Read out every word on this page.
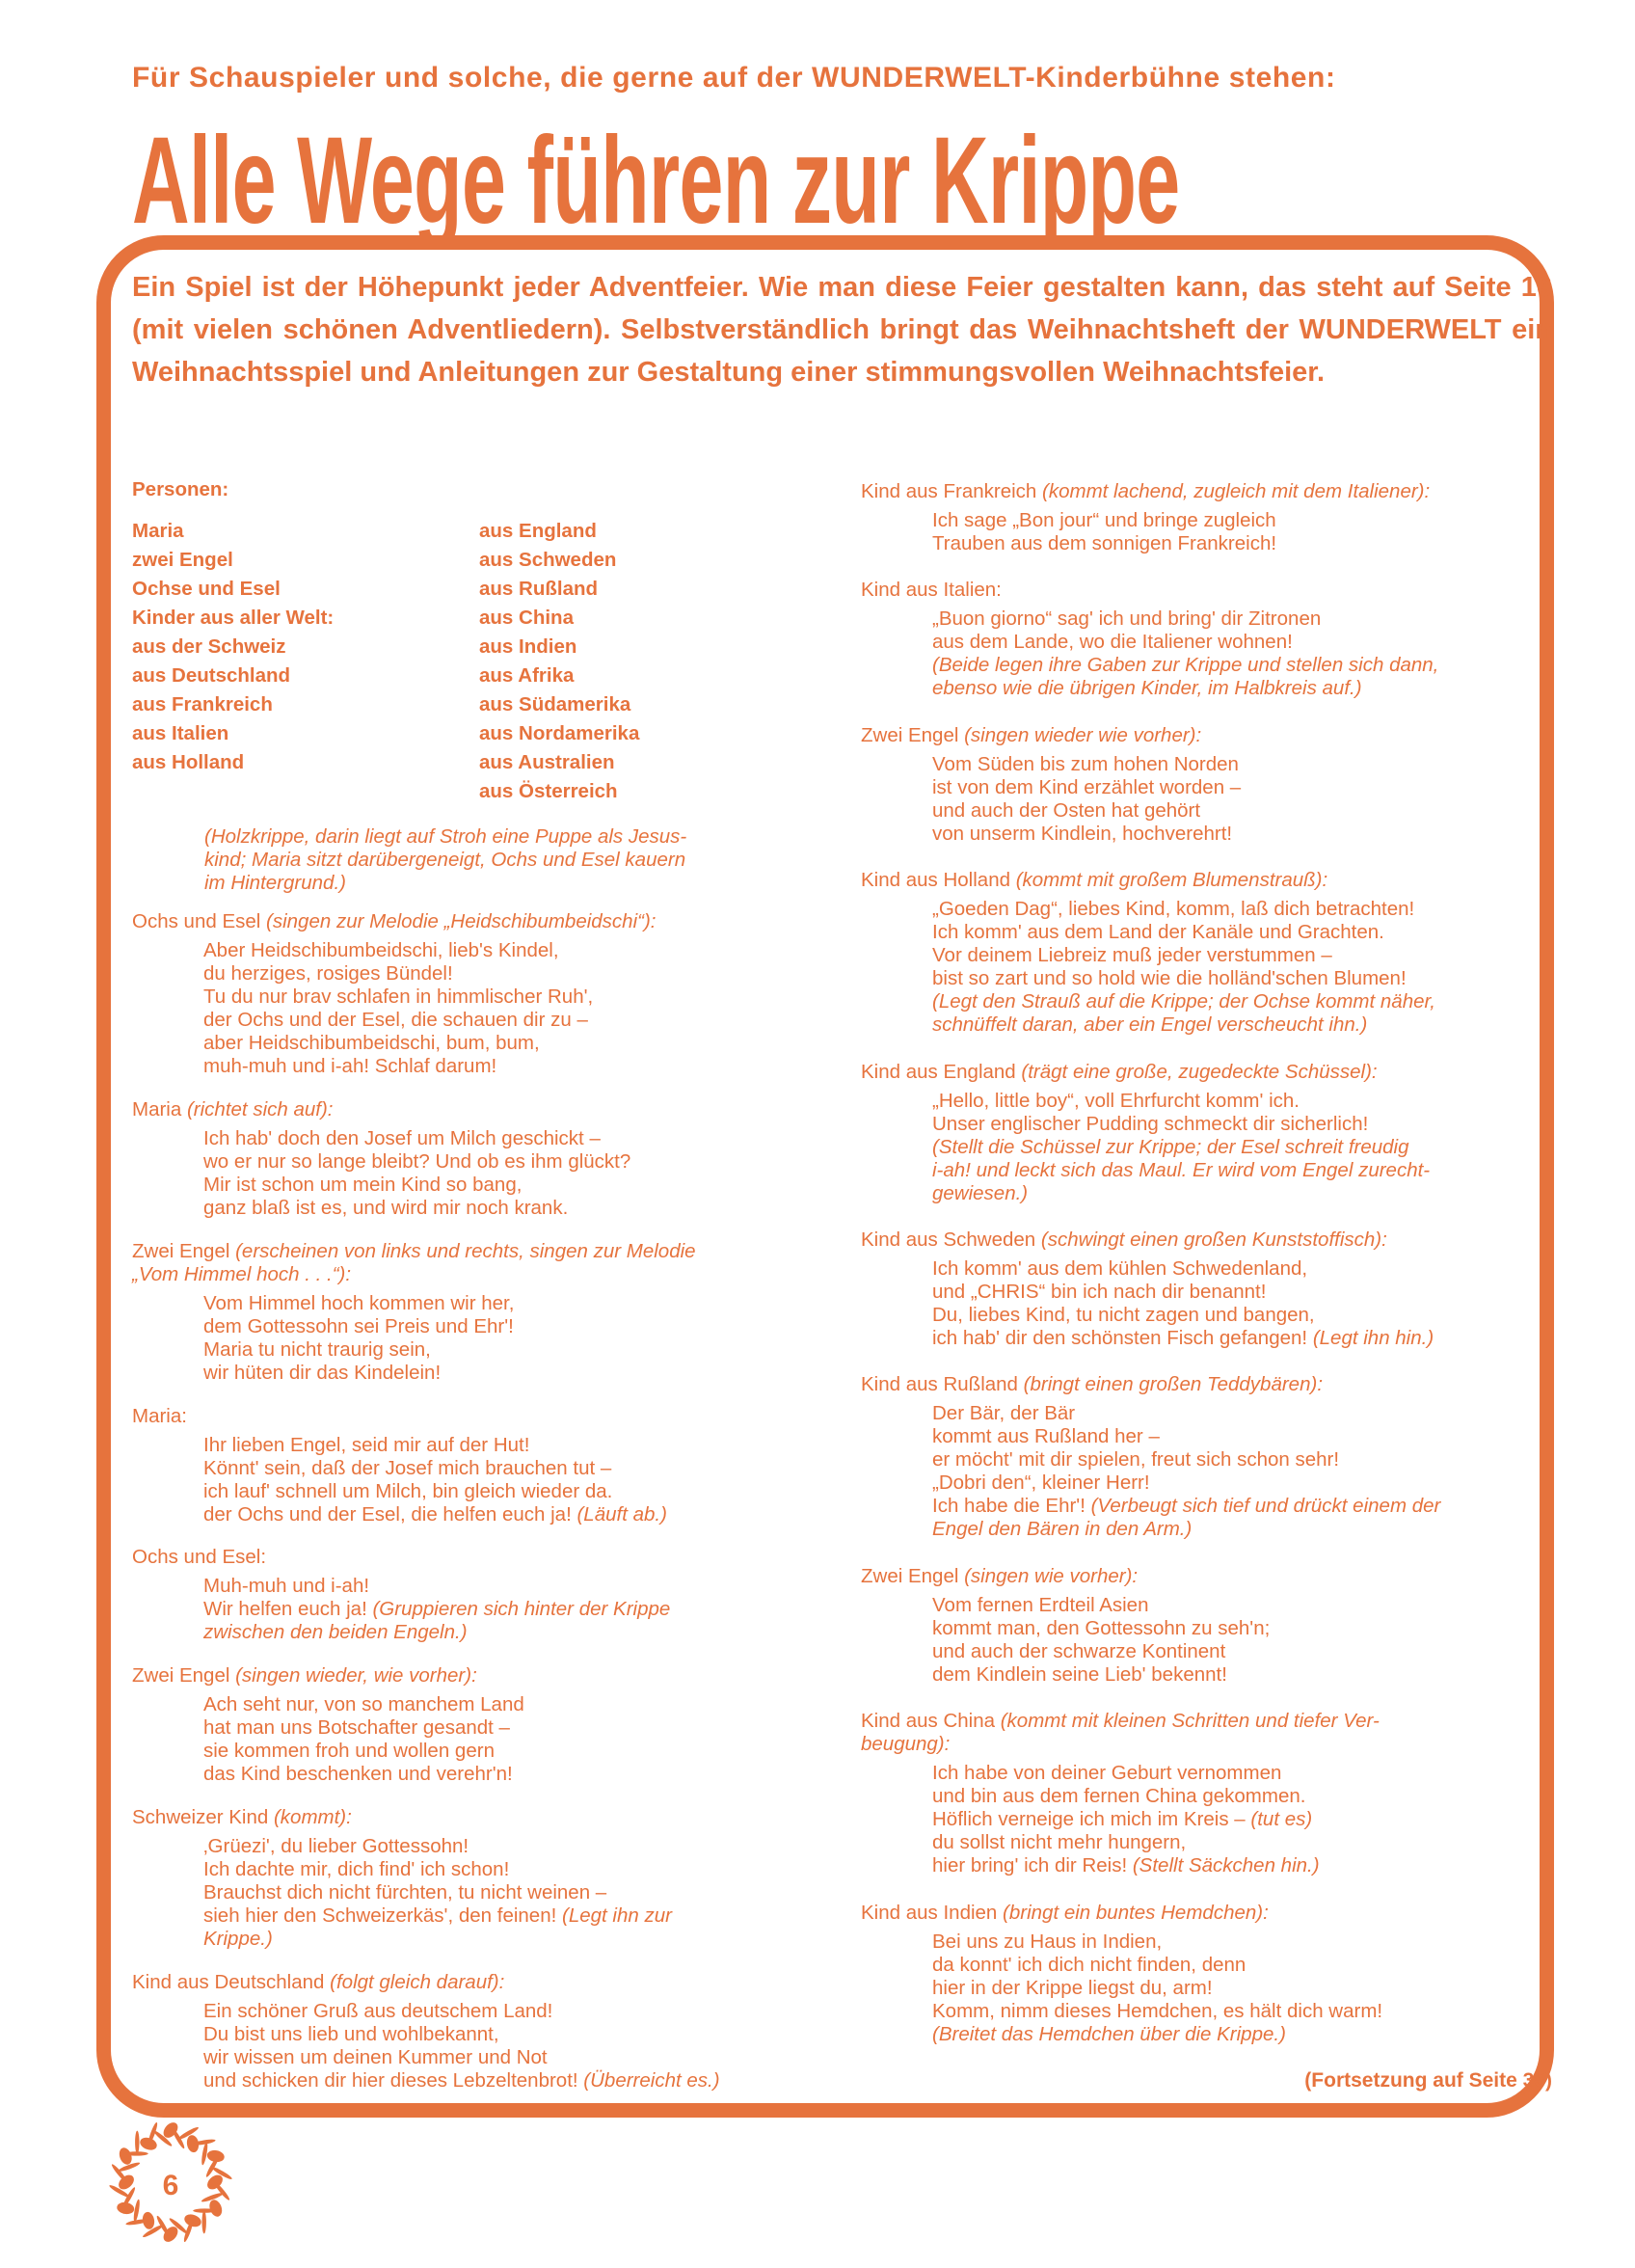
Für Schauspieler und solche, die gerne auf der WUNDERWELT-Kinderbühne stehen:
Alle Wege führen zur Krippe
Ein Spiel ist der Höhepunkt jeder Adventfeier. Wie man diese Feier gestalten kann, das steht auf Seite 16 (mit vielen schönen Adventliedern). Selbstverständlich bringt das Weihnachtsheft der WUNDERWELT ein Weihnachtsspiel und Anleitungen zur Gestaltung einer stimmungsvollen Weihnachtsfeier.
Personen:
Maria
zwei Engel
Ochse und Esel
Kinder aus aller Welt:
aus der Schweiz
aus Deutschland
aus Frankreich
aus Italien
aus Holland
aus England
aus Schweden
aus Rußland
aus China
aus Indien
aus Afrika
aus Südamerika
aus Nordamerika
aus Australien
aus Österreich
(Holzkrippe, darin liegt auf Stroh eine Puppe als Jesus-
kind; Maria sitzt darübergeneigt, Ochs und Esel kauern
im Hintergrund.)
Ochs und Esel (singen zur Melodie „Heidschibumbeidschi“):
Aber Heidschibumbeidschi, lieb's Kindel,
du herziges, rosiges Bündel!
Tu du nur brav schlafen in himmlischer Ruh',
der Ochs und der Esel, die schauen dir zu –
aber Heidschibumbeidschi, bum, bum,
muh-muh und i-ah! Schlaf darum!
Maria (richtet sich auf):
Ich hab' doch den Josef um Milch geschickt –
wo er nur so lange bleibt? Und ob es ihm glückt?
Mir ist schon um mein Kind so bang,
ganz blaß ist es, und wird mir noch krank.
Zwei Engel (erscheinen von links und rechts, singen zur Melodie
„Vom Himmel hoch . . .“):
Vom Himmel hoch kommen wir her,
dem Gottessohn sei Preis und Ehr'!
Maria tu nicht traurig sein,
wir hüten dir das Kindelein!
Maria:
Ihr lieben Engel, seid mir auf der Hut!
Könnt' sein, daß der Josef mich brauchen tut –
ich lauf' schnell um Milch, bin gleich wieder da.
der Ochs und der Esel, die helfen euch ja! (Läuft ab.)
Ochs und Esel:
Muh-muh und i-ah!
Wir helfen euch ja! (Gruppieren sich hinter der Krippe
zwischen den beiden Engeln.)
Zwei Engel (singen wieder, wie vorher):
Ach seht nur, von so manchem Land
hat man uns Botschafter gesandt –
sie kommen froh und wollen gern
das Kind beschenken und verehr'n!
Schweizer Kind (kommt):
‚Grüezi', du lieber Gottessohn!
Ich dachte mir, dich find' ich schon!
Brauchst dich nicht fürchten, tu nicht weinen –
sieh hier den Schweizerkäs', den feinen! (Legt ihn zur
Krippe.)
Kind aus Deutschland (folgt gleich darauf):
Ein schöner Gruß aus deutschem Land!
Du bist uns lieb und wohlbekannt,
wir wissen um deinen Kummer und Not
und schicken dir hier dieses Lebzeltenbrot! (Überreicht es.)
Kind aus Frankreich (kommt lachend, zugleich mit dem Italiener):
Ich sage „Bon jour“ und bringe zugleich
Trauben aus dem sonnigen Frankreich!
Kind aus Italien:
„Buon giorno“ sag' ich und bring' dir Zitronen
aus dem Lande, wo die Italiener wohnen!
(Beide legen ihre Gaben zur Krippe und stellen sich dann,
ebenso wie die übrigen Kinder, im Halbkreis auf.)
Zwei Engel (singen wieder wie vorher):
Vom Süden bis zum hohen Norden
ist von dem Kind erzählet worden –
und auch der Osten hat gehört
von unserm Kindlein, hochverehrt!
Kind aus Holland (kommt mit großem Blumenstrauß):
„Goeden Dag“, liebes Kind, komm, laß dich betrachten!
Ich komm' aus dem Land der Kanäle und Grachten.
Vor deinem Liebreiz muß jeder verstummen –
bist so zart und so hold wie die holländ'schen Blumen!
(Legt den Strauß auf die Krippe; der Ochse kommt näher,
schnüffelt daran, aber ein Engel verscheucht ihn.)
Kind aus England (trägt eine große, zugedeckte Schüssel):
„Hello, little boy“, voll Ehrfurcht komm' ich.
Unser englischer Pudding schmeckt dir sicherlich!
(Stellt die Schüssel zur Krippe; der Esel schreit freudig
i-ah! und leckt sich das Maul. Er wird vom Engel zurecht-
gewiesen.)
Kind aus Schweden (schwingt einen großen Kunststoffisch):
Ich komm' aus dem kühlen Schwedenland,
und „CHRIS“ bin ich nach dir benannt!
Du, liebes Kind, tu nicht zagen und bangen,
ich hab' dir den schönsten Fisch gefangen! (Legt ihn hin.)
Kind aus Rußland (bringt einen großen Teddybären):
Der Bär, der Bär
kommt aus Rußland her –
er möcht' mit dir spielen, freut sich schon sehr!
„Dobri den“, kleiner Herr!
Ich habe die Ehr'! (Verbeugt sich tief und drückt einem der
Engel den Bären in den Arm.)
Zwei Engel (singen wie vorher):
Vom fernen Erdteil Asien
kommt man, den Gottessohn zu seh'n;
und auch der schwarze Kontinent
dem Kindlein seine Lieb' bekennt!
Kind aus China (kommt mit kleinen Schritten und tiefer Ver-
beugung):
Ich habe von deiner Geburt vernommen
und bin aus dem fernen China gekommen.
Höflich verneige ich mich im Kreis – (tut es)
du sollst nicht mehr hungern,
hier bring' ich dir Reis! (Stellt Säckchen hin.)
Kind aus Indien (bringt ein buntes Hemdchen):
Bei uns zu Haus in Indien,
da konnt' ich dich nicht finden, denn
hier in der Krippe liegst du, arm!
Komm, nimm dieses Hemdchen, es hält dich warm!
(Breitet das Hemdchen über die Krippe.)
(Fortsetzung auf Seite 35)
6
